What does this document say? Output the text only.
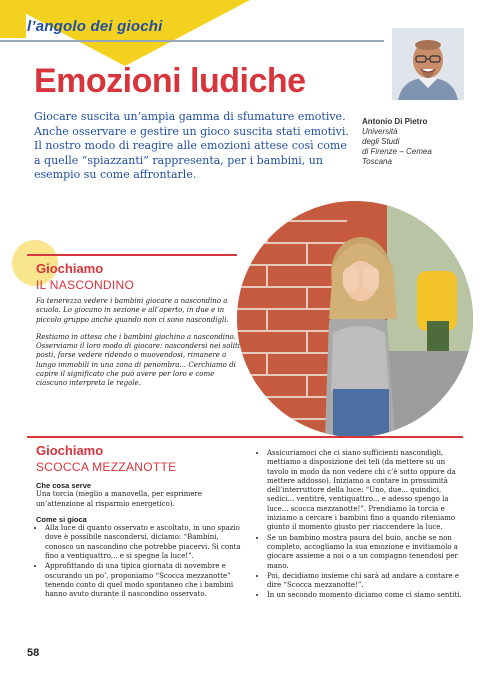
l’angolo dei giochi
Antonio Di Pietro
Università
degli Studi
di Firenze – Cemea
Toscana
Emozioni ludiche

Giocare suscita un’ampia gamma di sfumature emotive. Anche osservare e gestire un gioco suscita stati emotivi. Il nostro modo di reagire alle emozioni attese così come a quelle “spiazzanti” rappresenta, per i bambini, un esempio su come affrontarle.

Giochiamo
IL NASCONDINO

Fa tenerezza vedere i bambini giocare a nascondino a scuola. Lo giocano in sezione e all’aperto, in due e in piccolo gruppo anche quando non ci sono nascondigli.

Restiamo in attesa che i bambini giochino a nascondino. Osserviamo il loro modo di giocare: nascondersi nei soliti posti, forse vedere ridendo o muovendosi, rimanere a lungo immobili in una zona di penombra... Cerchiamo di capire il significato che può avere per loro e come ciascuno interpreta le regole.

Giochiamo
SCOCCA MEZZANOTTE

Che cosa serve

Una torcia (meglio a manovella, per esprimere un’attenzione al risparmio energetico).

Come si gioca

• Alla luce di quanto osservato e ascoltato, in uno spazio dove è possibile nascondersi, diciamo: “Bambini, conosco un nascondino che potrebbe piacervi. Si conta fino a ventiquattro... e si spegne la luce!”.
• Approfittando di una tipica giornata di novembre e oscurando un po’, proponiamo “Scocca mezzanotte” tenendo conto di quel modo spontaneo che i bambini hanno avuto durante il nascondino osservato.
• Assicuriamoci che ci siano sufficienti nascondigli, mettiamo a disposizione dei teli (da mettere su un tavolo in modo da non vedere chi c’è sotto oppure da mettere addosso). Iniziamo a contare in prossimità dell’interruttore della luce: “Uno, due... quindici, sedici... ventitré, ventiquattro... e adesso spengo la luce... scocca mezzanotte!”. Prendiamo la torcia e iniziamo a cercare i bambini fino a quando riteniamo giunto il momento giusto per riaccendere la luce.
• Se un bambino mostra paura del buio, anche se non completo, accogliamo la sua emozione e invitiamolo a giocare assieme a noi o a un compagno tenendosi per mano.
• Poi, decidiamo insieme chi sarà ad andare a contare e dire “Scocca mezzanotte!”.
• In un secondo momento diciamo come ci siamo sentiti.
58
